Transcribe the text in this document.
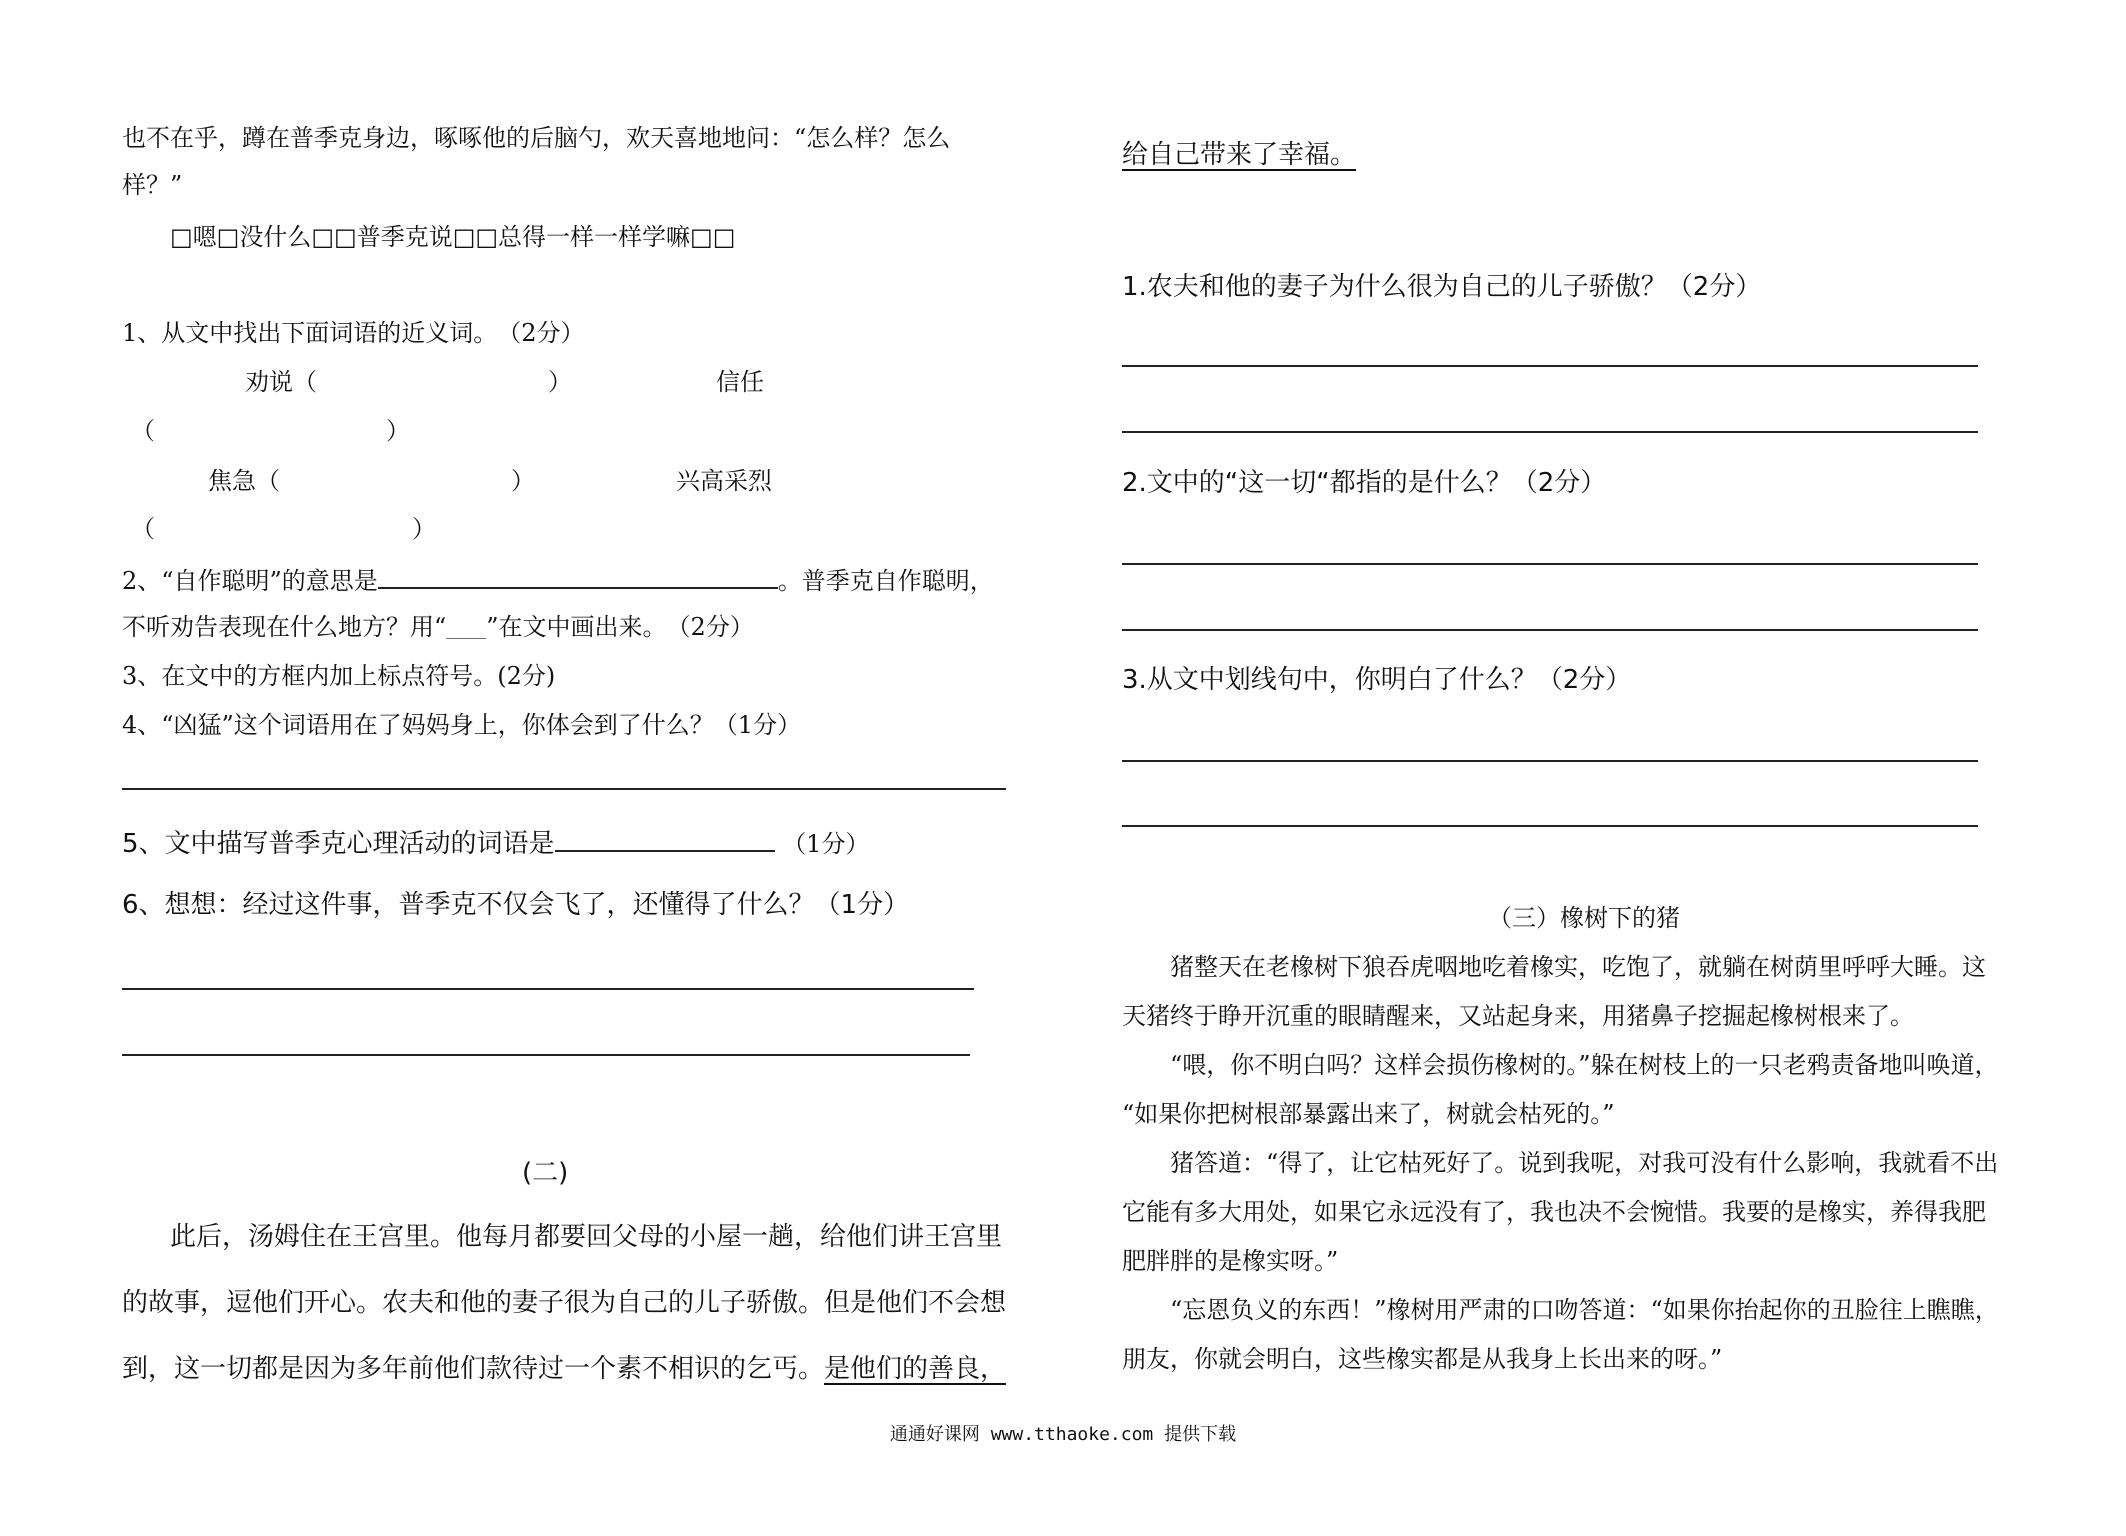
也不在乎，蹲在普季克身边，啄啄他的后脑勺，欢天喜地地问：“怎么样？怎么
样？”
□嗯□没什么□□普季克说□□总得一样一样学嘛□□
1、从文中找出下面词语的近义词。　（2分）
劝说（	）	信任
（	）
焦急（	）	兴高采烈
（	）
2、“自作聪明”的意思是	。普季克自作聪明，
不听劝告表现在什么地方？用“_____”在文中画出来。　（2分）
3、在文中的方框内加上标点符号。(2分)
4、“凶猛”这个词语用在了妈妈身上，你体会到了什么？（1分）
5、文中描写普季克心理活动的词语是	（1分）
6、想想：经过这件事，普季克不仅会飞了，还懂得了什么？（1分）
(二)
此后，汤姆住在王宫里。他每月都要回父母的小屋一趟，给他们讲王宫里
的故事，逗他们开心。农夫和他的妻子很为自己的儿子骄傲。但是他们不会想
到，这一切都是因为多年前他们款待过一个素不相识的乞丐。是他们的善良，
给自己带来了幸福。
1.农夫和他的妻子为什么很为自己的儿子骄傲？（2分）
2.文中的“这一切“都指的是什么？（2分）
3.从文中划线句中，你明白了什么？（2分）
（三）橡树下的猪
猪整天在老橡树下狼吞虎咽地吃着橡实，吃饱了，就躺在树荫里呼呼大睡。这
天猪终于睁开沉重的眼睛醒来，又站起身来，用猪鼻子挖掘起橡树根来了。
“喂，你不明白吗？这样会损伤橡树的。”躲在树枝上的一只老鸦责备地叫唤道，
“如果你把树根部暴露出来了，树就会枯死的。”
猪答道：“得了，让它枯死好了。说到我呢，对我可没有什么影响，我就看不出
它能有多大用处，如果它永远没有了，我也决不会惋惜。我要的是橡实，养得我肥
肥胖胖的是橡实呀。”
“忘恩负义的东西！”橡树用严肃的口吻答道：“如果你抬起你的丑脸往上瞧瞧，
朋友，你就会明白，这些橡实都是从我身上长出来的呀。”
通通好课网 www.tthaoke.com 提供下载
